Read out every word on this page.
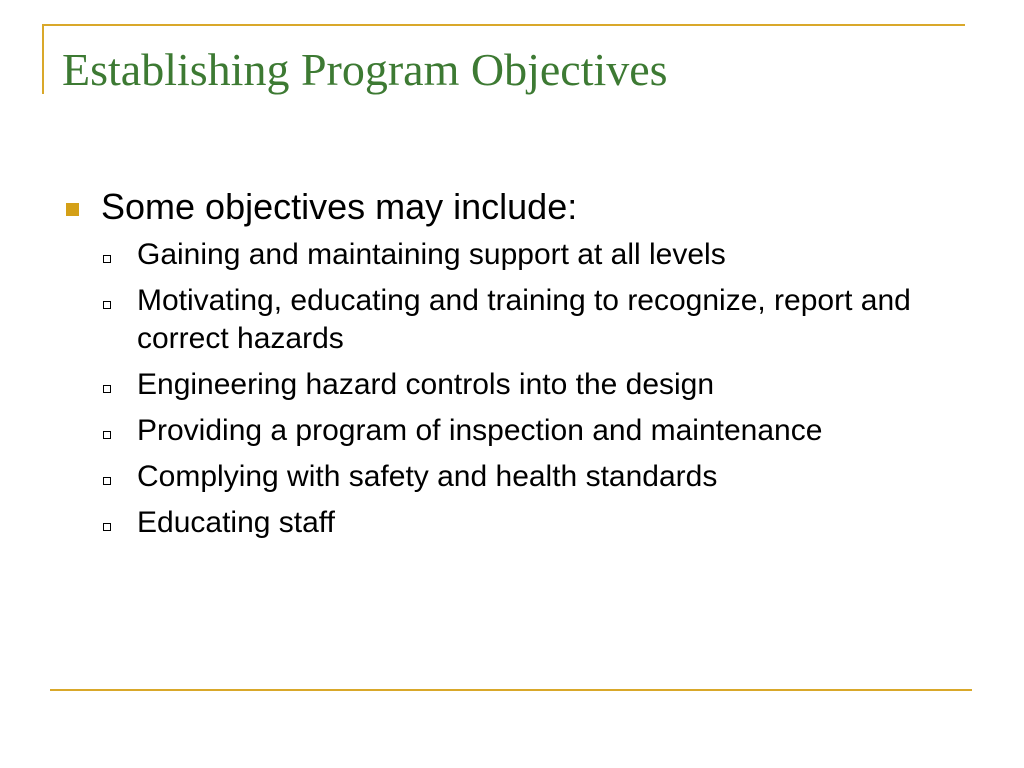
Establishing Program Objectives
Some objectives may include:
Gaining and maintaining support at all levels
Motivating, educating and training to recognize, report and correct hazards
Engineering hazard controls into the design
Providing a program of inspection and maintenance
Complying with safety and health standards
Educating staff
